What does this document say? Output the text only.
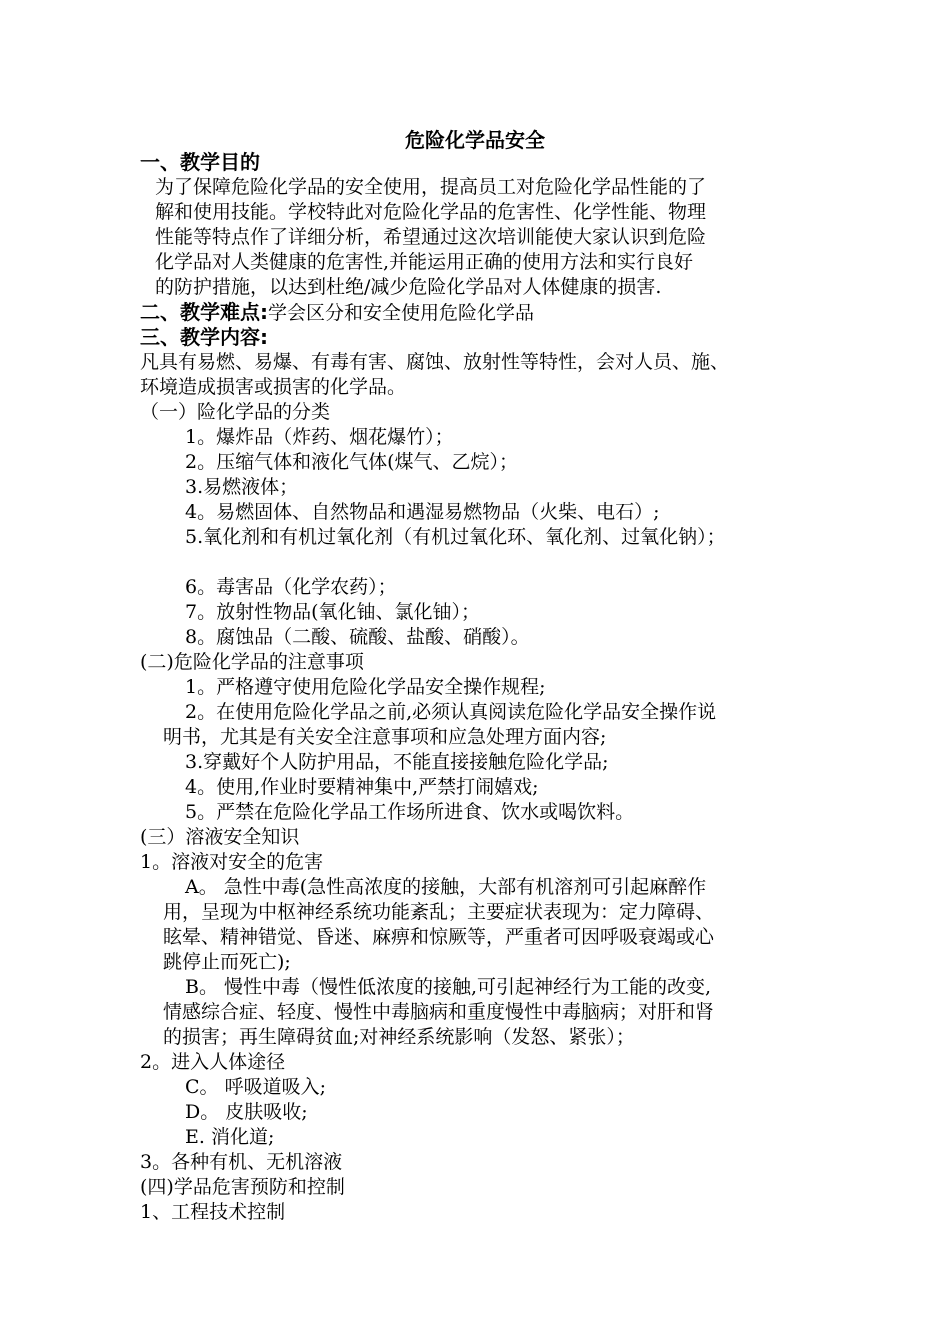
危险化学品安全
一、教学目的
为了保障危险化学品的安全使用，提高员工对危险化学品性能的了
解和使用技能。学校特此对危险化学品的危害性、化学性能、物理
性能等特点作了详细分析，希望通过这次培训能使大家认识到危险
化学品对人类健康的危害性,并能运用正确的使用方法和实行良好
的防护措施，以达到杜绝/减少危险化学品对人体健康的损害.
二、教学难点:学会区分和安全使用危险化学品
三、教学内容:
凡具有易燃、易爆、有毒有害、腐蚀、放射性等特性，会对人员、施、
环境造成损害或损害的化学品。
（一）险化学品的分类
1。爆炸品（炸药、烟花爆竹）；
2。压缩气体和液化气体(煤气、乙烷）；
3.易燃液体；
4。易燃固体、自然物品和遇湿易燃物品（火柴、电石）;
5.氧化剂和有机过氧化剂（有机过氧化环、氧化剂、过氧化钠）；
6。毒害品（化学农药）；
7。放射性物品(氧化铀、氯化铀）；
8。腐蚀品（二酸、硫酸、盐酸、硝酸）。
(二)危险化学品的注意事项
1。严格遵守使用危险化学品安全操作规程;
2。在使用危险化学品之前,必须认真阅读危险化学品安全操作说
明书，尤其是有关安全注意事项和应急处理方面内容;
3.穿戴好个人防护用品，不能直接接触危险化学品;
4。使用,作业时要精神集中,严禁打闹嬉戏;
5。严禁在危险化学品工作场所进食、饮水或喝饮料。
(三）溶液安全知识
1。溶液对安全的危害
A。 急性中毒(急性高浓度的接触，大部有机溶剂可引起麻醉作
用，呈现为中枢神经系统功能紊乱；主要症状表现为：定力障碍、
眩晕、精神错觉、昏迷、麻痹和惊厥等，严重者可因呼吸衰竭或心
跳停止而死亡);
B。 慢性中毒（慢性低浓度的接触,可引起神经行为工能的改变,
情感综合症、轻度、慢性中毒脑病和重度慢性中毒脑病；对肝和肾
的损害；再生障碍贫血;对神经系统影响（发怒、紧张）；
2。进入人体途径
C。 呼吸道吸入;
D。 皮肤吸收;
E. 消化道;
3。各种有机、无机溶液
(四)学品危害预防和控制
1、工程技术控制
